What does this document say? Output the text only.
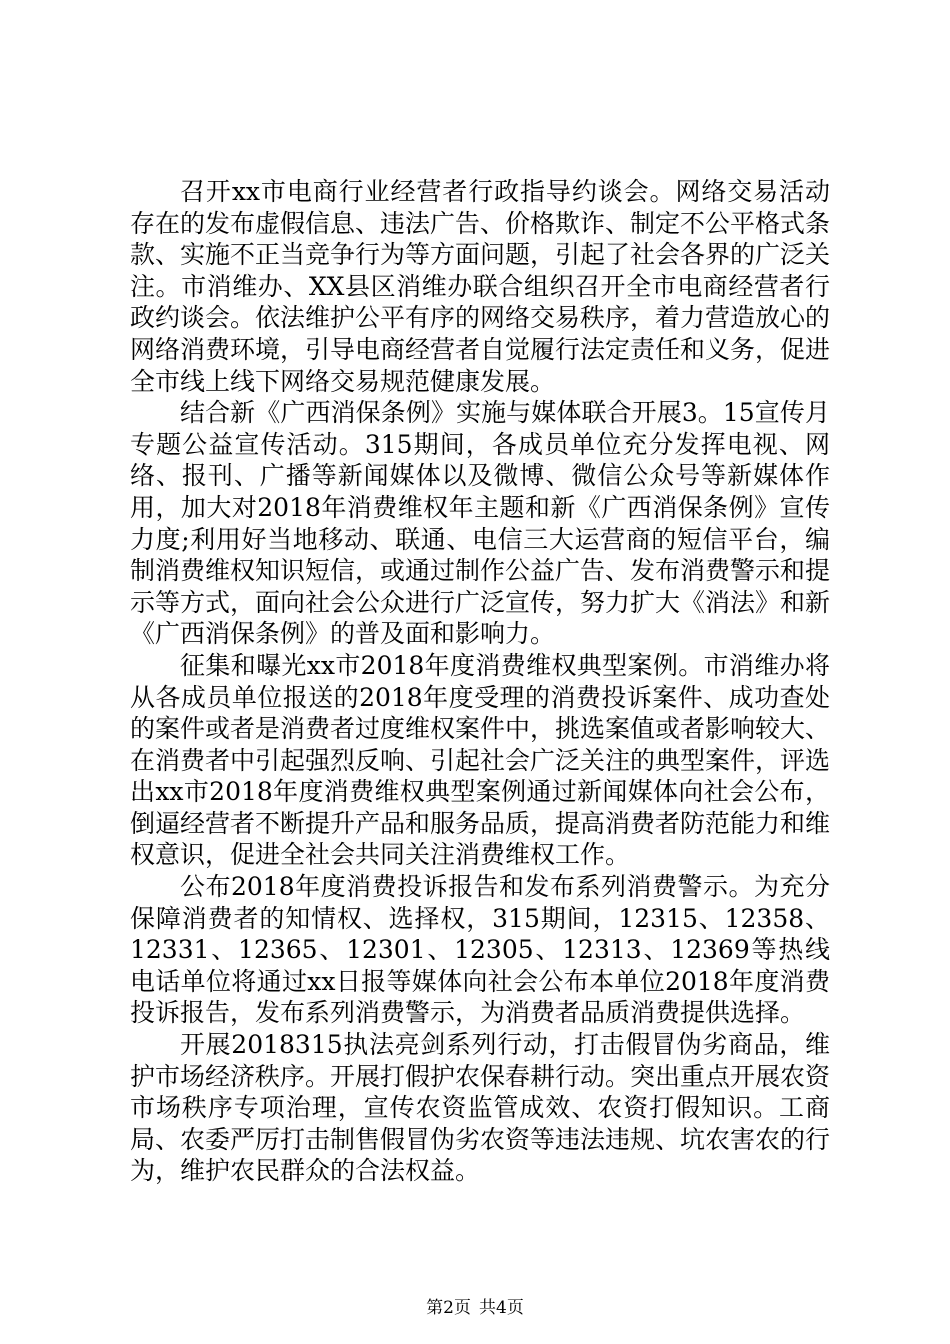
召开xx市电商行业经营者行政指导约谈会。网络交易活动存在的发布虚假信息、违法广告、价格欺诈、制定不公平格式条款、实施不正当竞争行为等方面问题，引起了社会各界的广泛关注。市消维办、XX县区消维办联合组织召开全市电商经营者行政约谈会。依法维护公平有序的网络交易秩序，着力营造放心的网络消费环境，引导电商经营者自觉履行法定责任和义务，促进全市线上线下网络交易规范健康发展。

结合新《广西消保条例》实施与媒体联合开展3。15宣传月专题公益宣传活动。315期间，各成员单位充分发挥电视、网络、报刊、广播等新闻媒体以及微博、微信公众号等新媒体作用，加大对2018年消费维权年主题和新《广西消保条例》宣传力度;利用好当地移动、联通、电信三大运营商的短信平台，编制消费维权知识短信，或通过制作公益广告、发布消费警示和提示等方式，面向社会公众进行广泛宣传，努力扩大《消法》和新《广西消保条例》的普及面和影响力。

征集和曝光xx市2018年度消费维权典型案例。市消维办将从各成员单位报送的2018年度受理的消费投诉案件、成功查处的案件或者是消费者过度维权案件中，挑选案值或者影响较大、在消费者中引起强烈反响、引起社会广泛关注的典型案件，评选出xx市2018年度消费维权典型案例通过新闻媒体向社会公布，倒逼经营者不断提升产品和服务品质，提高消费者防范能力和维权意识，促进全社会共同关注消费维权工作。

公布2018年度消费投诉报告和发布系列消费警示。为充分保障消费者的知情权、选择权，315期间，12315、12358、12331、12365、12301、12305、12313、12369等热线电话单位将通过xx日报等媒体向社会公布本单位2018年度消费投诉报告，发布系列消费警示，为消费者品质消费提供选择。

开展2018315执法亮剑系列行动，打击假冒伪劣商品，维护市场经济秩序。开展打假护农保春耕行动。突出重点开展农资市场秩序专项治理，宣传农资监管成效、农资打假知识。工商局、农委严厉打击制售假冒伪劣农资等违法违规、坑农害农的行为，维护农民群众的合法权益。

第2页 共4页
